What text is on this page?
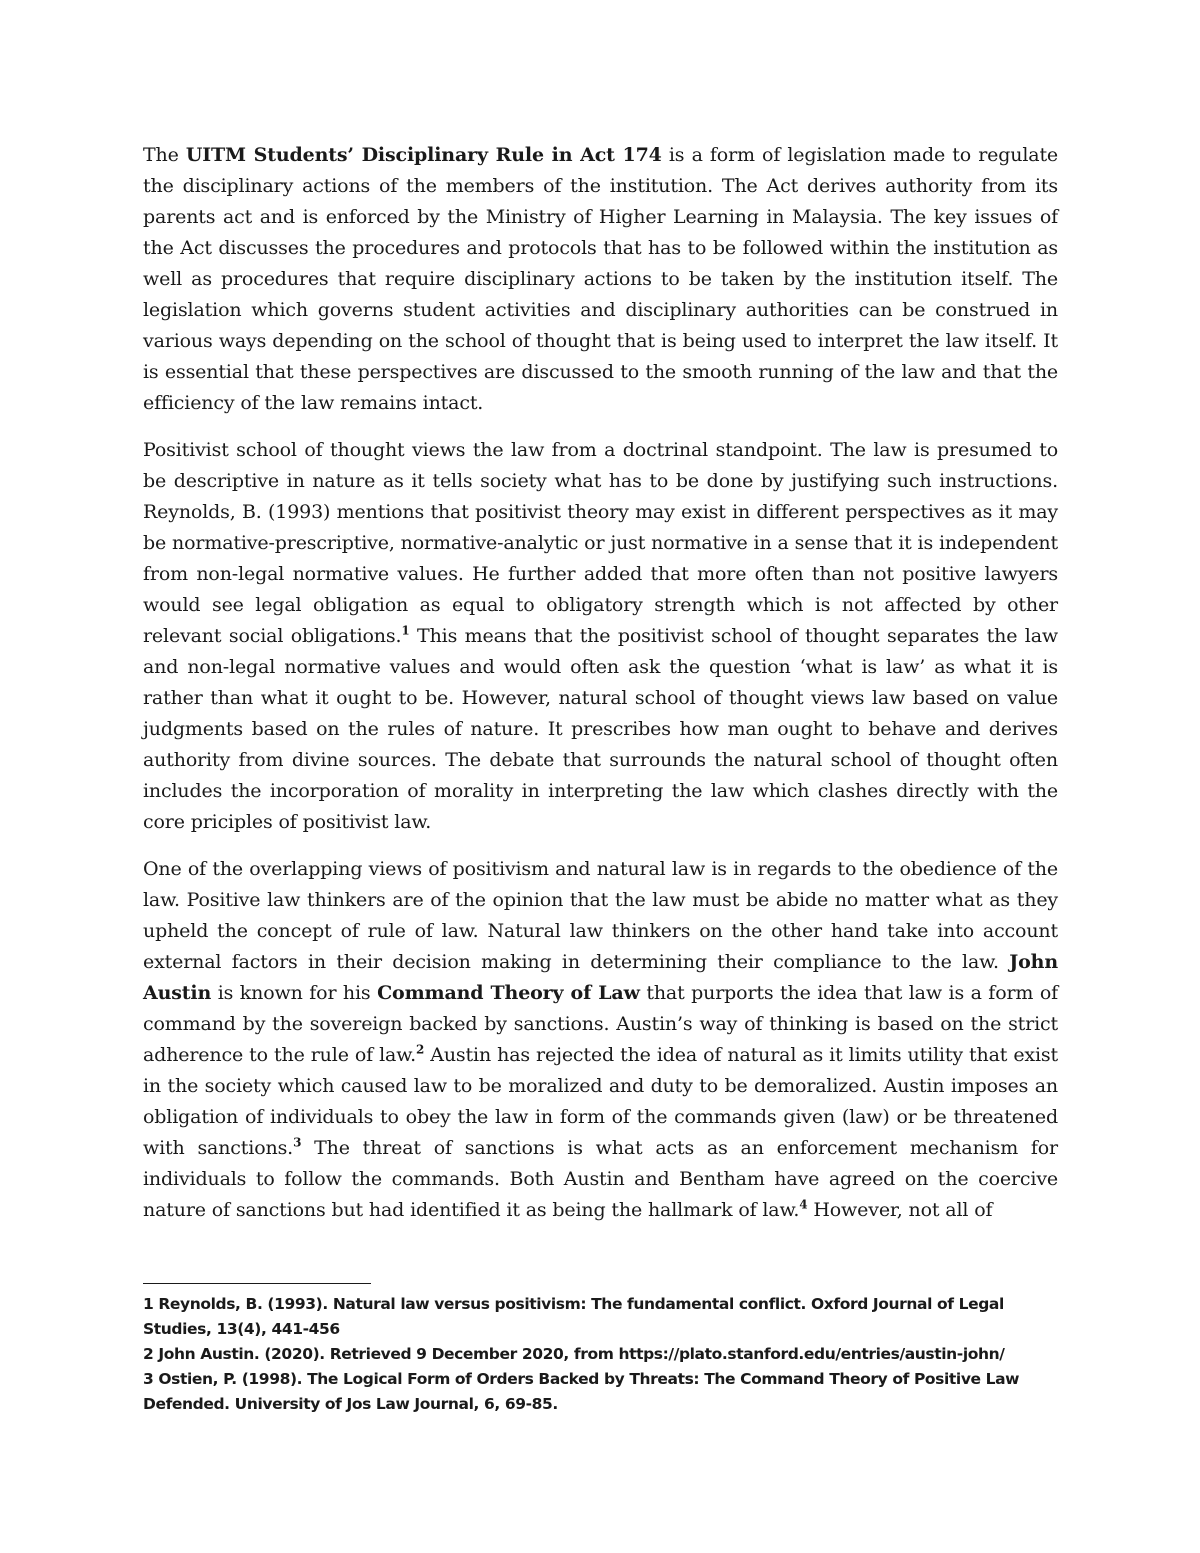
The UITM Students’ Disciplinary Rule in Act 174 is a form of legislation made to regulate the disciplinary actions of the members of the institution. The Act derives authority from its parents act and is enforced by the Ministry of Higher Learning in Malaysia. The key issues of the Act discusses the procedures and protocols that has to be followed within the institution as well as procedures that require disciplinary actions to be taken by the institution itself. The legislation which governs student activities and disciplinary authorities can be construed in various ways depending on the school of thought that is being used to interpret the law itself. It is essential that these perspectives are discussed to the smooth running of the law and that the efficiency of the law remains intact.

Positivist school of thought views the law from a doctrinal standpoint. The law is presumed to be descriptive in nature as it tells society what has to be done by justifying such instructions. Reynolds, B. (1993) mentions that positivist theory may exist in different perspectives as it may be normative-prescriptive, normative-analytic or just normative in a sense that it is independent from non-legal normative values. He further added that more often than not positive lawyers would see legal obligation as equal to obligatory strength which is not affected by other relevant social obligations.$^1$ This means that the positivist school of thought separates the law and non-legal normative values and would often ask the question ‘what is law’ as what it is rather than what it ought to be. However, natural school of thought views law based on value judgments based on the rules of nature. It prescribes how man ought to behave and derives authority from divine sources. The debate that surrounds the natural school of thought often includes the incorporation of morality in interpreting the law which clashes directly with the core priciples of positivist law.

One of the overlapping views of positivism and natural law is in regards to the obedience of the law. Positive law thinkers are of the opinion that the law must be abide no matter what as they upheld the concept of rule of law. Natural law thinkers on the other hand take into account external factors in their decision making in determining their compliance to the law. John Austin is known for his Command Theory of Law that purports the idea that law is a form of command by the sovereign backed by sanctions. Austin’s way of thinking is based on the strict adherence to the rule of law.$^2$ Austin has rejected the idea of natural as it limits utility that exist in the society which caused law to be moralized and duty to be demoralized. Austin imposes an obligation of individuals to obey the law in form of the commands given (law) or be threatened with sanctions.$^3$ The threat of sanctions is what acts as an enforcement mechanism for individuals to follow the commands. Both Austin and Bentham have agreed on the coercive nature of sanctions but had identified it as being the hallmark of law.$^4$ However, not all of

1 Reynolds, B. (1993). Natural law versus positivism: The fundamental conflict. Oxford Journal of Legal Studies, 13(4), 441-456

2 John Austin. (2020). Retrieved 9 December 2020, from https://plato.stanford.edu/entries/austin-john/

3 Ostien, P. (1998). The Logical Form of Orders Backed by Threats: The Command Theory of Positive Law Defended. University of Jos Law Journal, 6, 69-85.
